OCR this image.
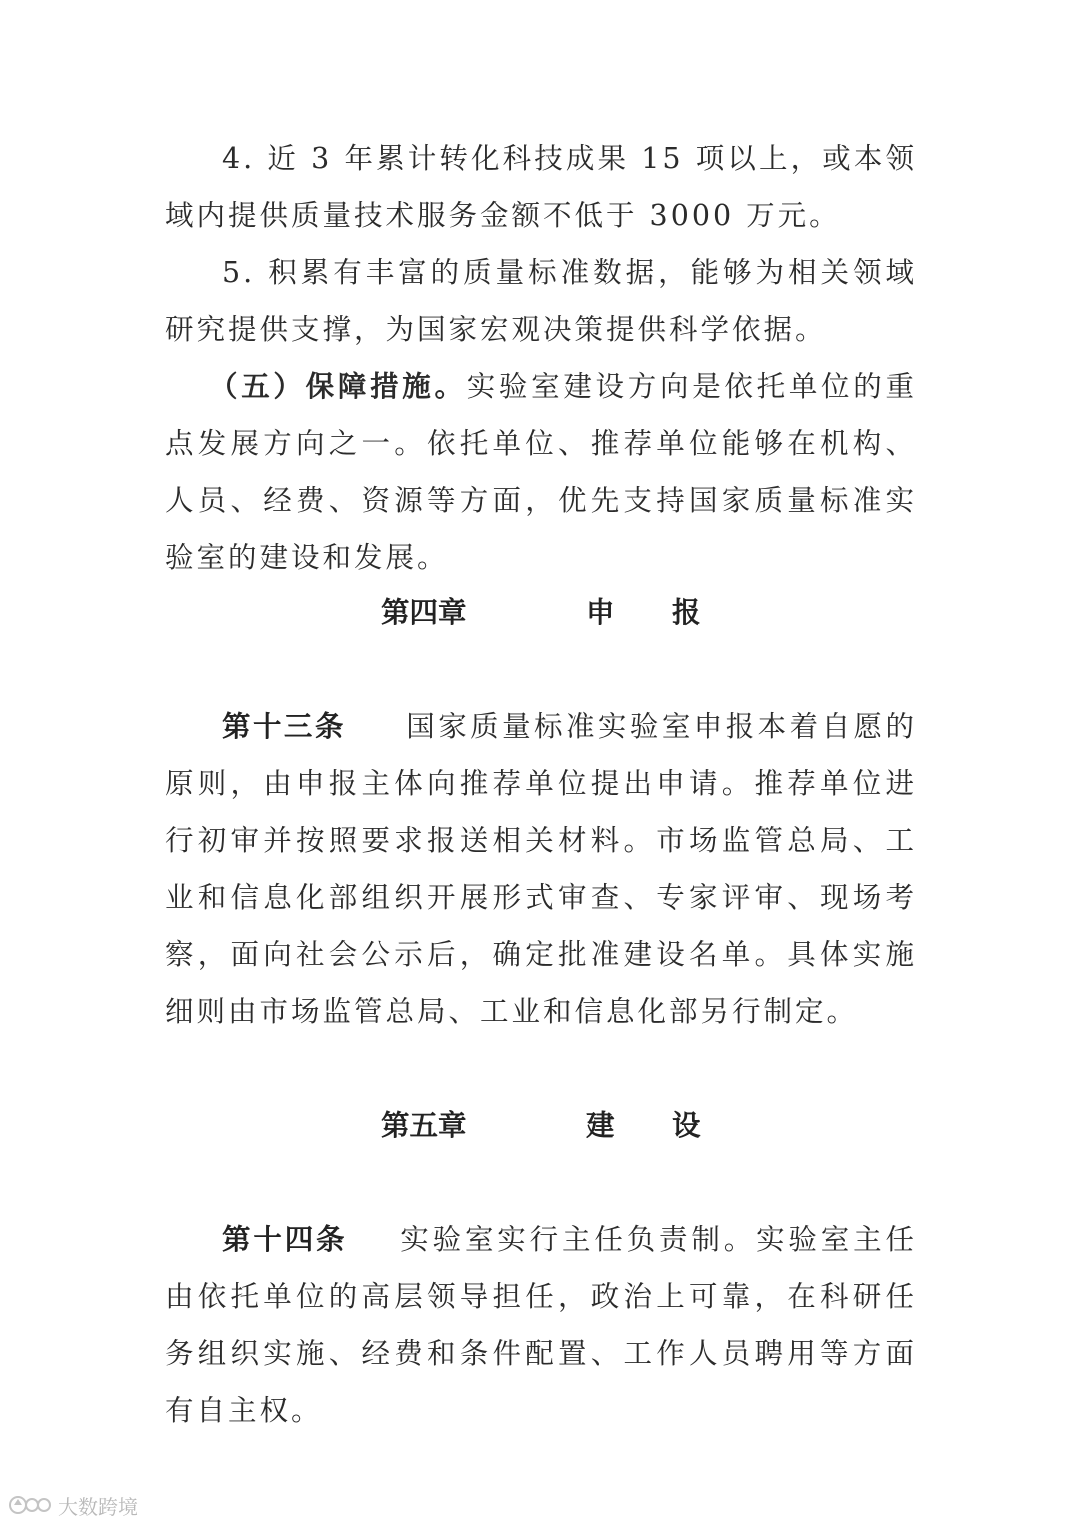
4. 近 3 年累计转化科技成果 15 项以上，或本领域内提供质量技术服务金额不低于 3000 万元。

5. 积累有丰富的质量标准数据，能够为相关领域研究提供支撑，为国家宏观决策提供科学依据。

（五）保障措施。实验室建设方向是依托单位的重点发展方向之一。依托单位、推荐单位能够在机构、人员、经费、资源等方面，优先支持国家质量标准实验室的建设和发展。

第四章	申 报

第十三条 国家质量标准实验室申报本着自愿的原则，由申报主体向推荐单位提出申请。推荐单位进行初审并按照要求报送相关材料。市场监管总局、工业和信息化部组织开展形式审查、专家评审、现场考察，面向社会公示后，确定批准建设名单。具体实施细则由市场监管总局、工业和信息化部另行制定。

第五章	建 设

第十四条 实验室实行主任负责制。实验室主任由依托单位的高层领导担任，政治上可靠，在科研任务组织实施、经费和条件配置、工作人员聘用等方面有自主权。

大数跨境
